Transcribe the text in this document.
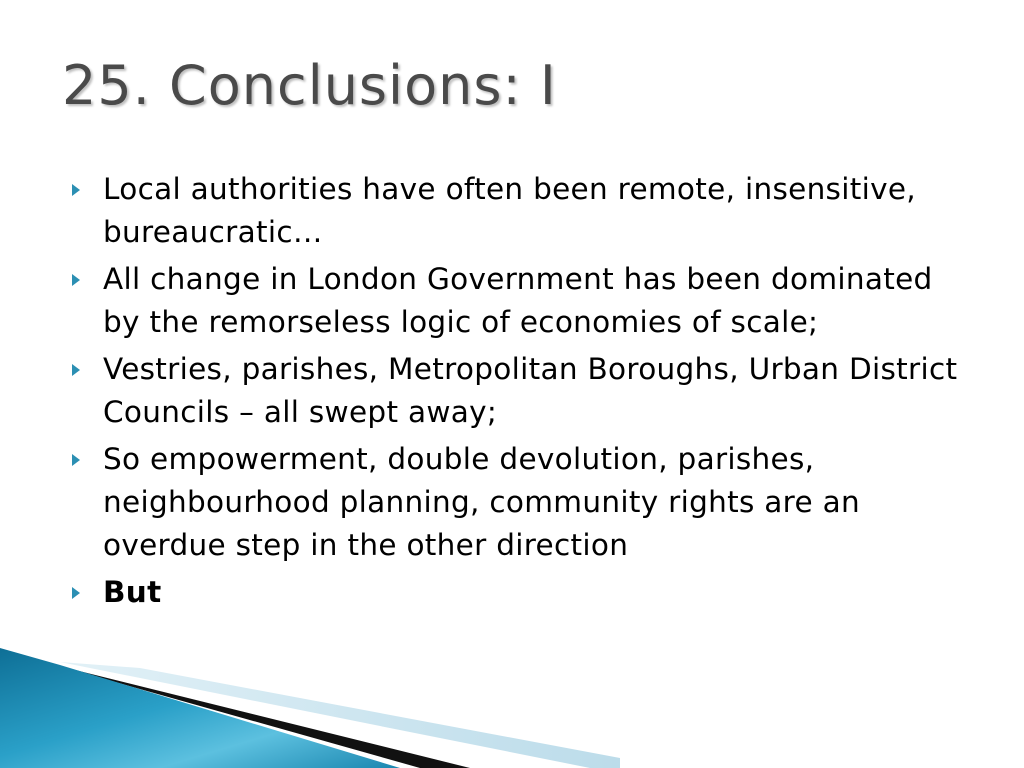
25. Conclusions: I
Local authorities have often been remote, insensitive, bureaucratic…
All change in London Government has been dominated by the remorseless logic of economies of scale;
Vestries, parishes, Metropolitan Boroughs, Urban District Councils – all swept away;
So empowerment, double devolution, parishes, neighbourhood planning, community rights are an overdue step in the other direction
But
